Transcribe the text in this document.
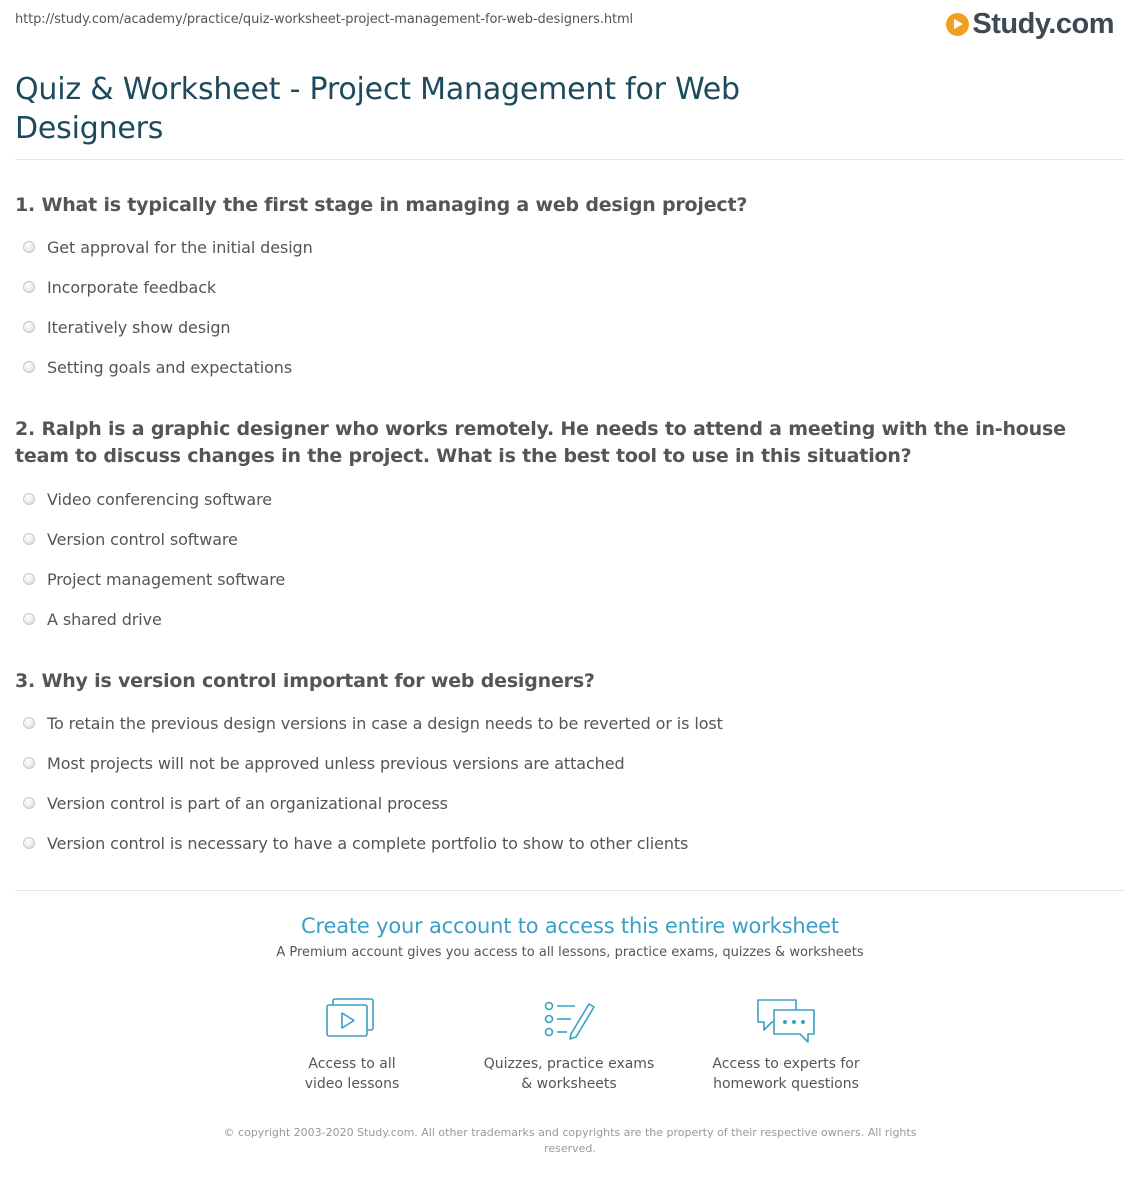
http://study.com/academy/practice/quiz-worksheet-project-management-for-web-designers.html	Study.com
Quiz & Worksheet - Project Management for Web Designers
1. What is typically the first stage in managing a web design project?
Get approval for the initial design
Incorporate feedback
Iteratively show design
Setting goals and expectations
2. Ralph is a graphic designer who works remotely. He needs to attend a meeting with the in-house team to discuss changes in the project. What is the best tool to use in this situation?
Video conferencing software
Version control software
Project management software
A shared drive
3. Why is version control important for web designers?
To retain the previous design versions in case a design needs to be reverted or is lost
Most projects will not be approved unless previous versions are attached
Version control is part of an organizational process
Version control is necessary to have a complete portfolio to show to other clients
Create your account to access this entire worksheet
A Premium account gives you access to all lessons, practice exams, quizzes & worksheets
Access to all
video lessons
Quizzes, practice exams
& worksheets
Access to experts for
homework questions
© copyright 2003-2020 Study.com. All other trademarks and copyrights are the property of their respective owners. All rights reserved.
